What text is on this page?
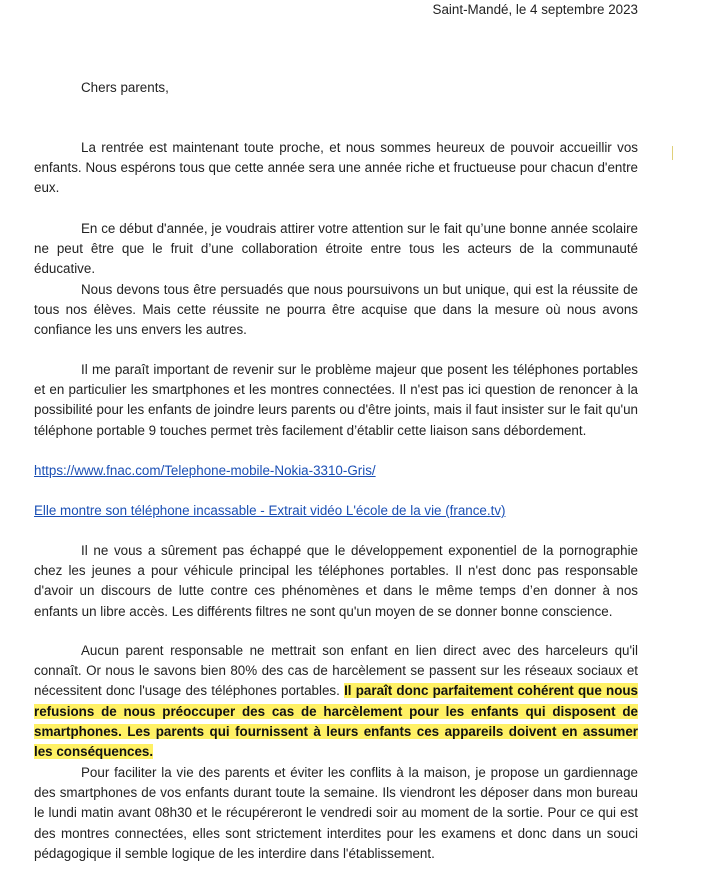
Saint-Mandé, le 4 septembre 2023
Chers parents,
La rentrée est maintenant toute proche, et nous sommes heureux de pouvoir accueillir vos enfants. Nous espérons tous que cette année sera une année riche et fructueuse pour chacun d'entre eux.
En ce début d'année, je voudrais attirer votre attention sur le fait qu’une bonne année scolaire ne peut être que le fruit d’une collaboration étroite entre tous les acteurs de la communauté éducative.
Nous devons tous être persuadés que nous poursuivons un but unique, qui est la réussite de tous nos élèves. Mais cette réussite ne pourra être acquise que dans la mesure où nous avons confiance les uns envers les autres.
Il me paraît important de revenir sur le problème majeur que posent les téléphones portables et en particulier les smartphones et les montres connectées. Il n'est pas ici question de renoncer à la possibilité pour les enfants de joindre leurs parents ou d'être joints, mais il faut insister sur le fait qu'un téléphone portable 9 touches permet très facilement d’établir cette liaison sans débordement.
https://www.fnac.com/Telephone-mobile-Nokia-3310-Gris/
Elle montre son téléphone incassable - Extrait vidéo L'école de la vie (france.tv)
Il ne vous a sûrement pas échappé que le développement exponentiel de la pornographie chez les jeunes a pour véhicule principal les téléphones portables. Il n'est donc pas responsable d'avoir un discours de lutte contre ces phénomènes et dans le même temps d’en donner à nos enfants un libre accès. Les différents filtres ne sont qu'un moyen de se donner bonne conscience.
Aucun parent responsable ne mettrait son enfant en lien direct avec des harceleurs qu'il connaît. Or nous le savons bien 80% des cas de harcèlement se passent sur les réseaux sociaux et nécessitent donc l'usage des téléphones portables. Il paraît donc parfaitement cohérent que nous refusions de nous préoccuper des cas de harcèlement pour les enfants qui disposent de smartphones. Les parents qui fournissent à leurs enfants ces appareils doivent en assumer les conséquences.
Pour faciliter la vie des parents et éviter les conflits à la maison, je propose un gardiennage des smartphones de vos enfants durant toute la semaine. Ils viendront les déposer dans mon bureau le lundi matin avant 08h30 et le récupéreront le vendredi soir au moment de la sortie. Pour ce qui est des montres connectées, elles sont strictement interdites pour les examens et donc dans un souci pédagogique il semble logique de les interdire dans l'établissement.
